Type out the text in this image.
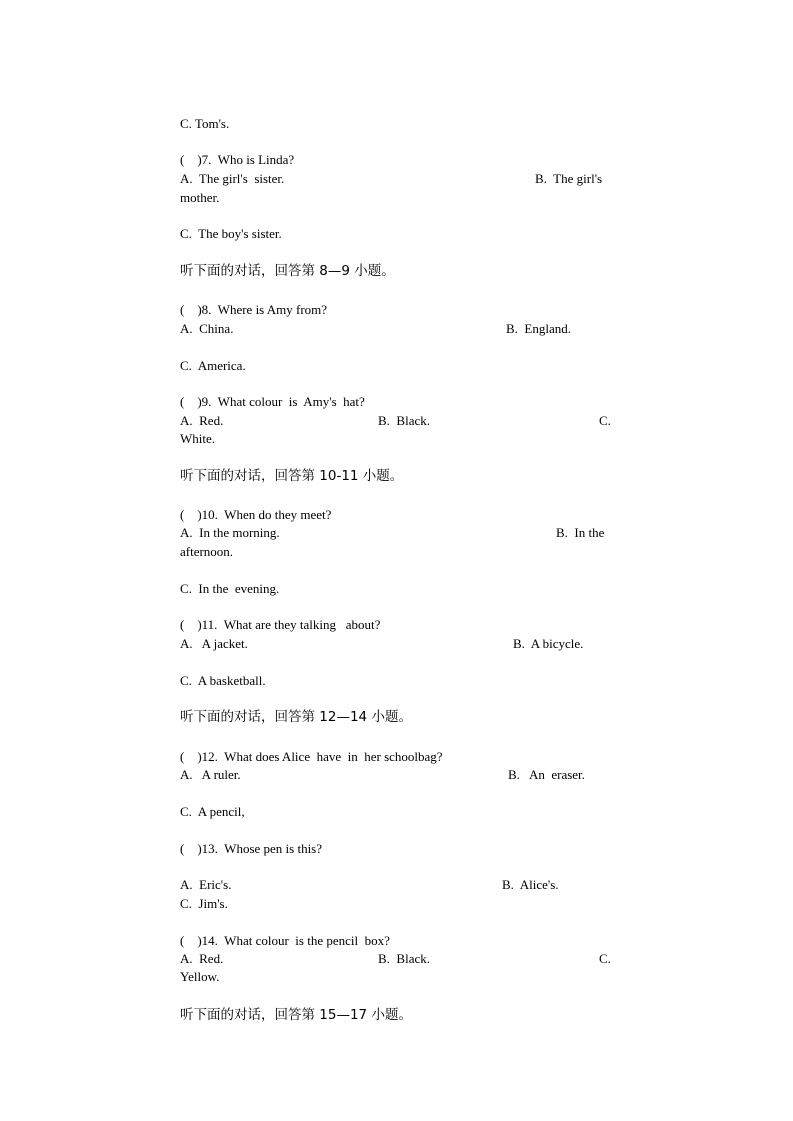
C. Tom's.
(    )7.  Who is Linda?
A.  The girl's  sister.	B.  The girl's
mother.
C.  The boy's sister.
听下面的对话，回答第 8—9 小题。
(    )8.  Where is Amy from?
A.  China.	B.  England.
C.  America.
(    )9.  What colour  is  Amy's  hat?
A.  Red.	B.  Black.	C.
White.
听下面的对话，回答第 10-11 小题。
(    )10.  When do they meet?
A.  In the morning.	B.  In the
afternoon.
C.  In the  evening.
(    )11.  What are they talking   about?
A.   A jacket.	B.  A bicycle.
C.  A basketball.
听下面的对话，回答第 12—14 小题。
(    )12.  What does Alice  have  in  her schoolbag?
A.   A ruler.	B.   An  eraser.
C.  A pencil,
(    )13.  Whose pen is this?
A.  Eric's.	B.  Alice's.
C.  Jim's.
(    )14.  What colour  is the pencil  box?
A.  Red.	B.  Black.	C.
Yellow.
听下面的对话，回答第 15—17 小题。
